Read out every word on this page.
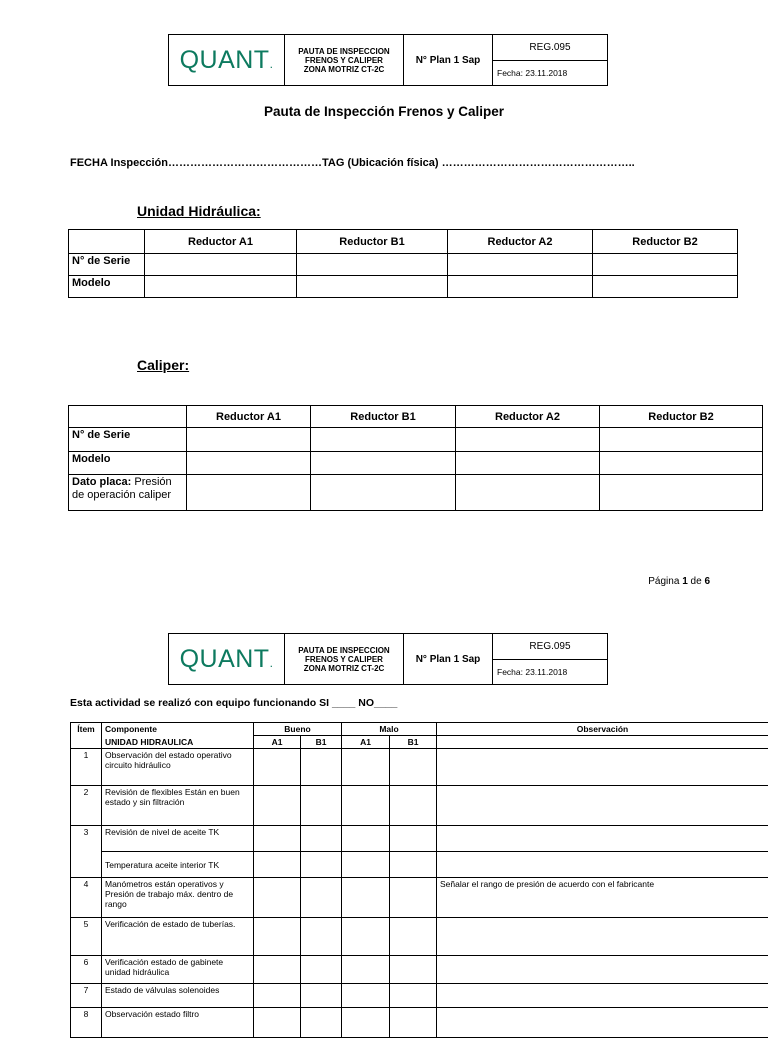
QUANT.	
PAUTA DE INSPECCION
FRENOS Y CALIPER
ZONA MOTRIZ CT-2C
	N° Plan 1 Sap	REG.095
Fecha: 23.11.2018
Pauta de Inspección Frenos y Caliper
FECHA Inspección……………………………………TAG (Ubicación física) ……………………………………………..
Unidad Hidráulica:
	Reductor A1	Reductor B1	Reductor A2	Reductor B2
N° de Serie				
Modelo				
Caliper:
	Reductor A1	Reductor B1	Reductor A2	Reductor B2
N° de Serie				
Modelo				
Dato placa: Presión de operación caliper				
Página 1 de 6
QUANT.	
PAUTA DE INSPECCION
FRENOS Y CALIPER
ZONA MOTRIZ CT-2C
	N° Plan 1 Sap	REG.095
Fecha: 23.11.2018
Esta actividad se realizó con equipo funcionando SI ____ NO____
Ítem	Componente	Bueno		Malo		Observación
	UNIDAD HIDRAULICA	A1	B1	A1	B1	
1	Observación del estado operativo circuito hidráulico					
2	Revisión de flexibles Están en buen estado y sin filtración					
3	Revisión de nivel de aceite TK					
	Temperatura aceite interior TK					
4	Manómetros están operativos y Presión de trabajo máx. dentro de rango					Señalar el rango de presión de acuerdo con el fabricante
5	Verificación de estado de tuberías.					
6	Verificación estado de gabinete unidad hidráulica					
7	Estado de válvulas solenoides					
8	Observación estado filtro					
